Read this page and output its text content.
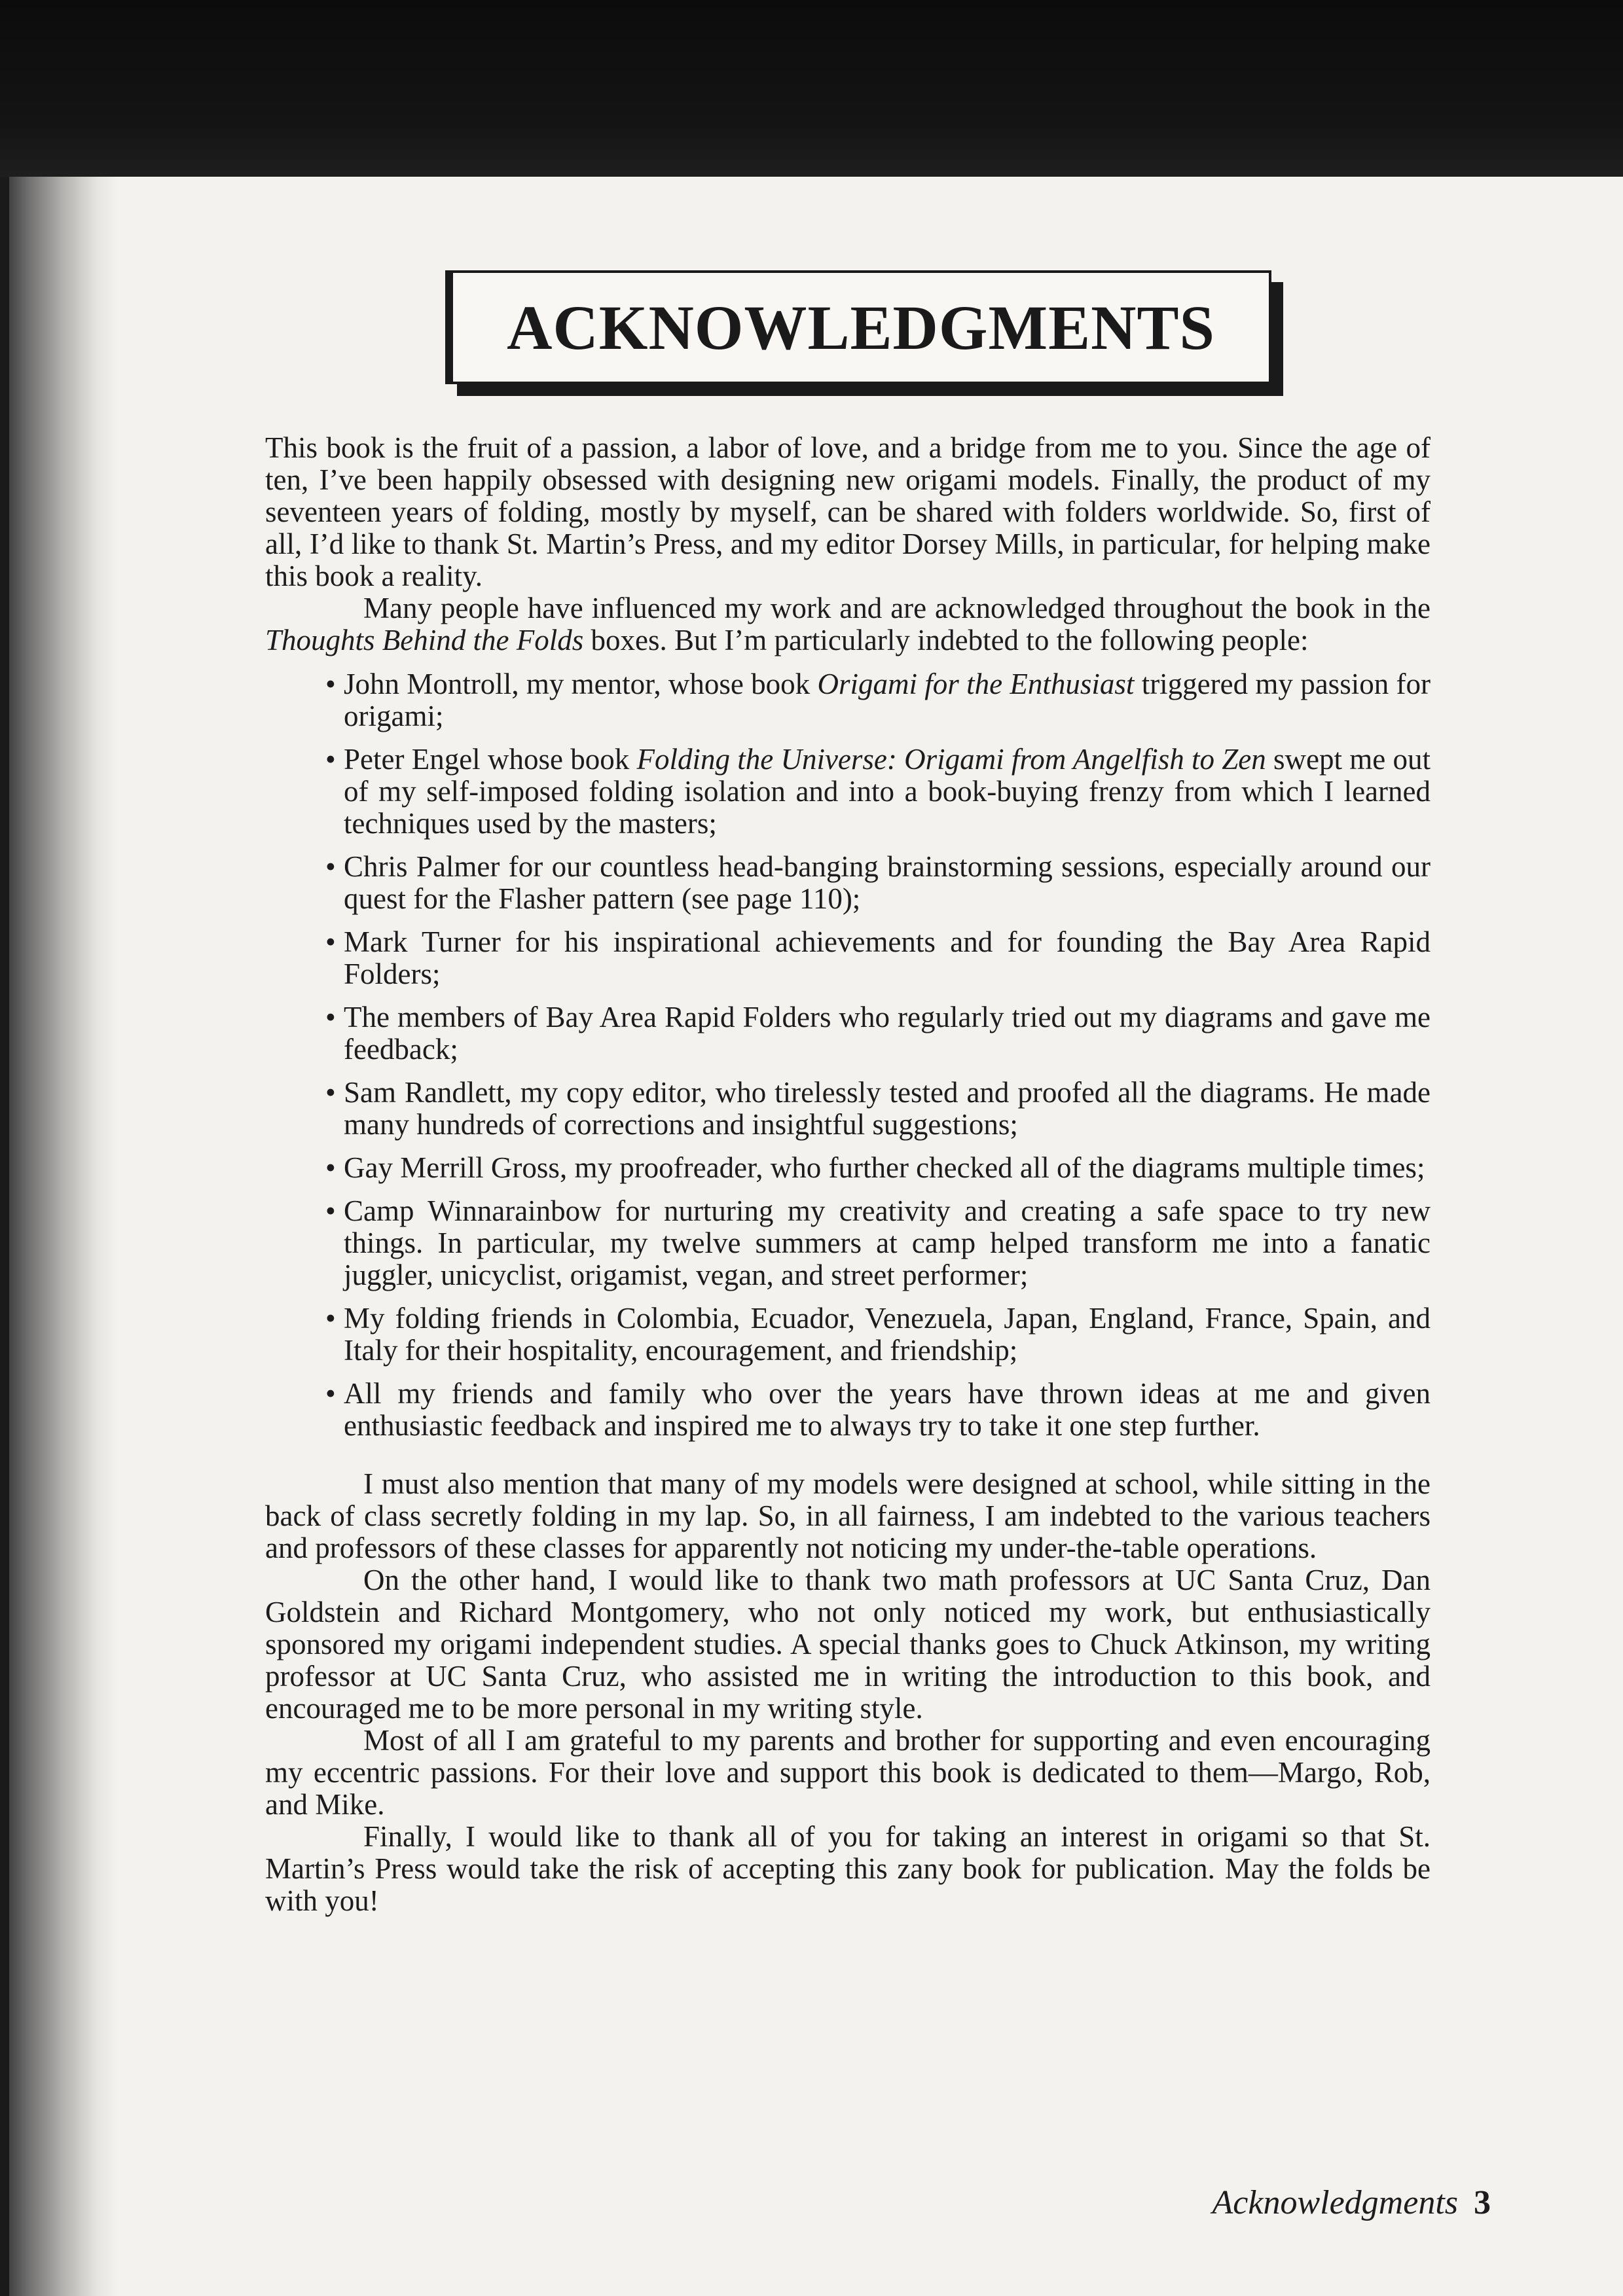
ACKNOWLEDGMENTS

This book is the fruit of a passion, a labor of love, and a bridge from me to you. Since the age of ten, I’ve been happily obsessed with designing new origami models. Finally, the product of my seventeen years of folding, mostly by myself, can be shared with folders worldwide. So, first of all, I’d like to thank St. Martin’s Press, and my editor Dorsey Mills, in particular, for helping make this book a reality.

Many people have influenced my work and are acknowledged throughout the book in the Thoughts Behind the Folds boxes. But I’m particularly indebted to the following people:

• John Montroll, my mentor, whose book Origami for the Enthusiast triggered my passion for origami;
• Peter Engel whose book Folding the Universe: Origami from Angelfish to Zen swept me out of my self-imposed folding isolation and into a book-buying frenzy from which I learned techniques used by the masters;
• Chris Palmer for our countless head-banging brainstorming sessions, especially around our quest for the Flasher pattern (see page 110);
• Mark Turner for his inspirational achievements and for founding the Bay Area Rapid Folders;
• The members of Bay Area Rapid Folders who regularly tried out my diagrams and gave me feedback;
• Sam Randlett, my copy editor, who tirelessly tested and proofed all the diagrams. He made many hundreds of corrections and insightful suggestions;
• Gay Merrill Gross, my proofreader, who further checked all of the diagrams multiple times;
• Camp Winnarainbow for nurturing my creativity and creating a safe space to try new things. In particular, my twelve summers at camp helped transform me into a fanatic juggler, unicyclist, origamist, vegan, and street performer;
• My folding friends in Colombia, Ecuador, Venezuela, Japan, England, France, Spain, and Italy for their hospitality, encouragement, and friendship;
• All my friends and family who over the years have thrown ideas at me and given enthusiastic feedback and inspired me to always try to take it one step further.

I must also mention that many of my models were designed at school, while sitting in the back of class secretly folding in my lap. So, in all fairness, I am indebted to the various teachers and professors of these classes for apparently not noticing my under-the-table operations.

On the other hand, I would like to thank two math professors at UC Santa Cruz, Dan Goldstein and Richard Montgomery, who not only noticed my work, but enthusiastically sponsored my origami independent studies. A special thanks goes to Chuck Atkinson, my writing professor at UC Santa Cruz, who assisted me in writing the introduction to this book, and encouraged me to be more personal in my writing style.

Most of all I am grateful to my parents and brother for supporting and even encouraging my eccentric passions. For their love and support this book is dedicated to them—Margo, Rob, and Mike.

Finally, I would like to thank all of you for taking an interest in origami so that St. Martin’s Press would take the risk of accepting this zany book for publication. May the folds be with you!

Acknowledgments 3
